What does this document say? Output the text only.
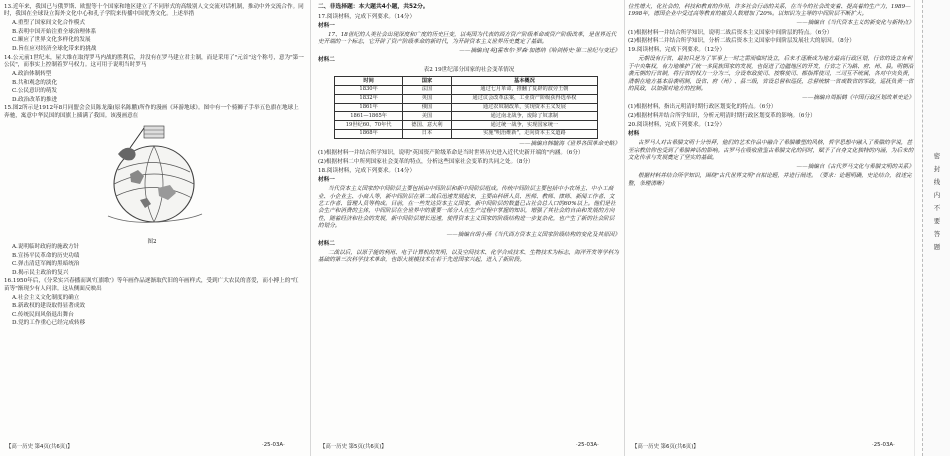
13.近年来，我国已与俄罗斯、欧盟等十个国家和地区建立了不同形式的高级别人文交流对话机制，推动中外交流合作。同时，我国在全球设立海外文化中心和孔子学院来传播中国优秀文化。上述举措

A.重塑了国家间文化合作模式

B.表明中国开始注重全球治理体系

C.顺应了世界文化多样化的发展

D.旨在应对经济全球化带来的挑战

14.公元前1世纪末，屋大维在取得罗马内战的胜利后，并没有在罗马建立君主制，而是采用了"元首"这个称号，意为"第一公民"，而事实上控制着罗马权力。这可用于说明当时罗马

A.政治体制转型

B.共和观念的淡化

C.公民意识的萌发

D.政治改革的推进

15.图2所示是1912年8月同盟会会员陈龙藻(原名陈鹏)所作的漫画《环游地球》。图中有一个骑狮子手举五色旗在地球上奔驰，寓意中华民国的国旗上插满了我国。该漫画意在

图2

A.说明临时政府的施政方针

B.宣扬平民革命的历史功绩

C.弹击清廷军阀的黑暗统治

D.揭示民主政治的复兴

16.1950年后，《分采实兴春播而讽'红旗歌'》等年画作品逐渐取代旧的年画样式，受到广大农民的喜爱，而小搏上的"红苗等"渐现少有人问津。这从侧面反映出

A.社会主义文化制度的确立

B.新政权的建设取得显著成效

C.传统民间风俗退出舞台

D.党的工作重心已经完成转移

二、非选择题：本大题共4小题，共52分。

17.阅读材料，完成下列要求。（14分）

材料一

17、18世纪的人类社会出现深度和广度的历史巨变，以英国为代表的西方资产阶级革命或资产阶级改革，是世界近代史开端的一个标志，它开辟了资产阶级革命的新时代，为开辟资本主义世界历史奠定了基础。

——摘编自[英]霍布尔·罗森·加德纳《哈剑桥史·第二世纪与变迁》

材料二

表2 19世纪部分国家的社会变革情况

时间	国家	基本概况
1830年	法国	通过七月革命，推翻了复辟的波旁王朝
1832年	英国	通过议会改革法案，工业资产阶级获得选举权
1861年	俄国	通过农奴制改革，实现资本主义发展
1861—1865年	美国	通过南北战争，废除了奴隶制
19世纪60、70年代	德国、意大利	通过统一战争，实现国家统一
1868年	日本	实施"明治维新"，走向资本主义道路

——摘编自韩毓海《世界各国革命史略》

(1)根据材料一并结合所学知识，说明"英国资产阶级革命是当时世界历史进入近代史新开端的"内涵。（6分）

(2)根据材料二中所列国家社会变革的特点，分析这些国家社会变革的共同之处。（8分）

18.阅读材料，完成下列要求。（14分）

材料一

当代资本主义国家的中间阶层主要包括由中间阶层和新中间阶层组成。传统中间阶层主要包括中小农场主、中小工商业、小企业主、小商人等，新中间阶层在第二战后迅速发展起来，主要由科研人员、医师、教师、律师、新闻工作者、文艺工作者、管理人员等构成。目前，在一些发达资本主义国家，新中间阶层的数量已占社会总人口的60%以上。他们是社会生产和消费的主体，中间阶层在全世界中的重要一部分人在生产过程中掌握的知识，增强了其社会的自由和发展的方向性，随着经济和社会的发展，新中间阶层增长迅速，使得资本主义国家的阶级结构进一步复杂化，也产生了新的社会阶层的划分。

——摘编自胡小燕《当代西方资本主义国家阶级结构的变化及其原因》

材料二

二战以后，以原子能的利用、电子计算机的发明，以及空间技术、化学合成技术、生物技术为标志，海洋开发等学科为基础的第三次科学技术革命，也即大规模技术在若干先进国家兴起，进入了新阶段。

位性增大，化社会的，科技和教育的作用，许多社会行动的关系，在当今的社会改变着、提高着的生产力，1989—1998年，德国企业中受过高等教育的雇员人数增加了20%。以知识为主导的中间阶层不断扩大。

——摘编自《当代资本主义的新变化与新特点》

(1)根据材料一并结合所学知识，说明二战后资本主义国家中间阶层的特点。（6分）

(2)根据材料二并结合所学知识，分析二战后资本主义国家中间阶层发展壮大的原因。（8分）

19.阅读材料，完成下列要求。（12分）

元朝设有行省，最初只是为了军事上一时之需而临时设立，后来才逐渐成为地方最高行政区划，行省的设立有利于中央集权，有力地维护了统一多民族国家的发展，也促进了边疆地区的开发，行省之下为路、府、州、县。明朝沿袭元朝的行省制，将行省的权力一分为三，分设布政使司、按察使司、都指挥使司，三司互不统属，各对中央负责，清朝在地方基本沿袭明制，设省、府（州）、县三级，省设总督和巡抚，总督统辖一省或数省的军政，巡抚负责一省的民政，以加强对地方的控制。

——摘编自周振鹤《中国行政区划改革史论》

(1)根据材料，指出元明清时期行政区划变化的特点。（6分）

(2)根据材料并结合所学知识，分析元明清时期行政区划变革的影响。（6分）

20.阅读材料，完成下列要求。（12分）

材料

古罗马人对古希腊文明十分崇拜，他们的艺术作品中融合了希腊雕塑的风格，哲学思想中融入了希腊的学说，甚至宗教信仰也受到了希腊神话的影响。古罗马在吸收借鉴古希腊文化的同时，赋予了自身文化独特的内涵，为后来的文化传承与发展奠定了坚实的基础。

——摘编自《古代罗马文化与希腊文明的关系》

根据材料并结合所学知识，围绕"古代世界文明"自拟论题，并进行阐述。（要求：论题明确，史论结合，叙述完整，条理清晰）

【高一历史 第4页(共6页)】	·25-03A·	【高一历史 第5页(共6页)】	·25-03A·	【高一历史 第6页(共6页)】	·25-03A·
密 封 线 内 不 要 答 题
